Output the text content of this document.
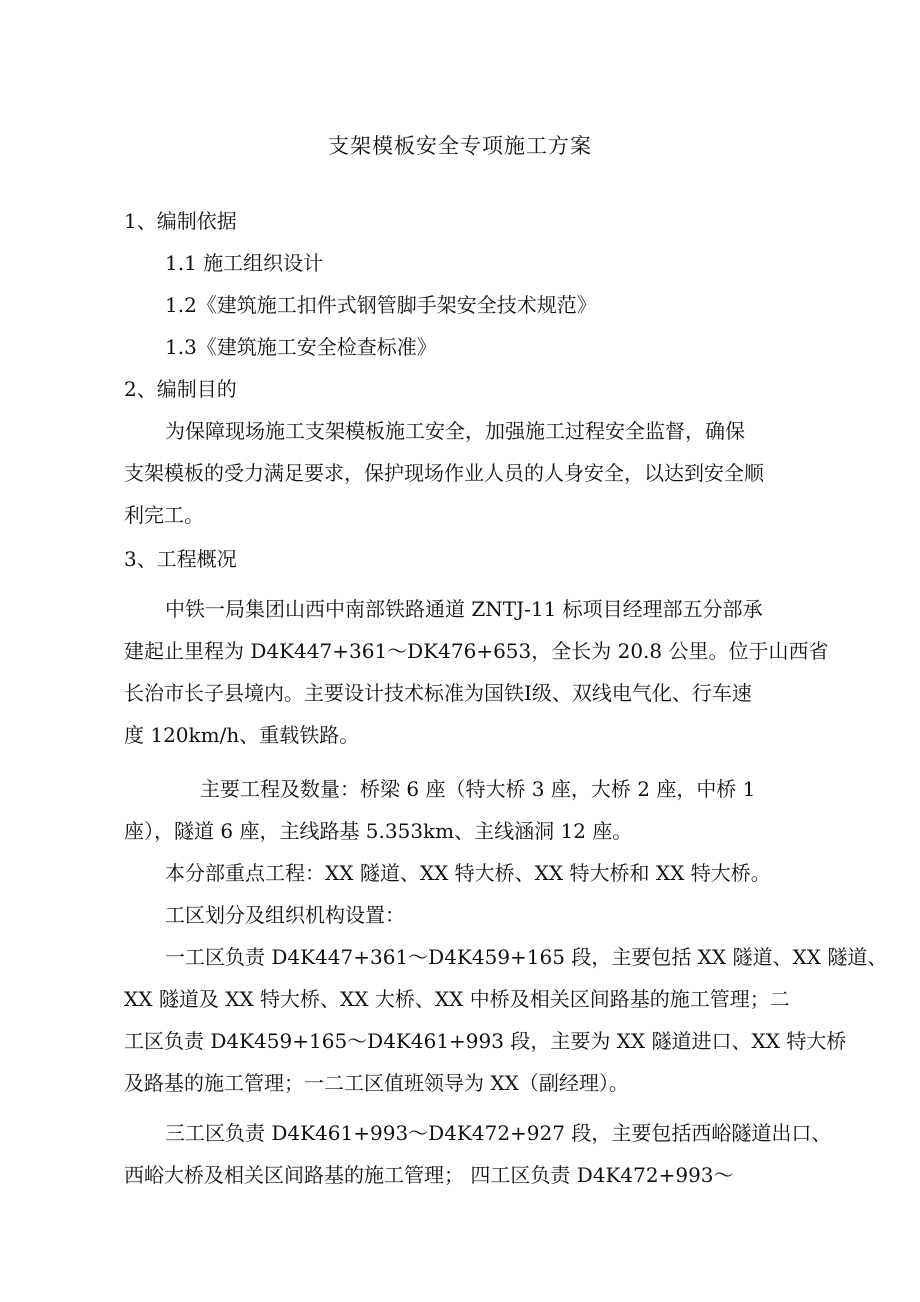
支架模板安全专项施工方案
1、编制依据
1.1 施工组织设计
1.2《建筑施工扣件式钢管脚手架安全技术规范》
1.3《建筑施工安全检查标准》
2、编制目的
为保障现场施工支架模板施工安全，加强施工过程安全监督，确保
支架模板的受力满足要求，保护现场作业人员的人身安全，以达到安全顺
利完工。
3、工程概况
中铁一局集团山西中南部铁路通道 ZNTJ-11 标项目经理部五分部承
建起止里程为 D4K447+361～DK476+653，全长为 20.8 公里。位于山西省
长治市长子县境内。主要设计技术标准为国铁Ⅰ级、双线电气化、行车速
度 120km/h、重载铁路。
主要工程及数量：桥梁 6 座（特大桥 3 座，大桥 2 座，中桥 1
座），隧道 6 座，主线路基 5.353km、主线涵洞 12 座。
本分部重点工程：XX 隧道、XX 特大桥、XX 特大桥和 XX 特大桥。
工区划分及组织机构设置：
一工区负责 D4K447+361～D4K459+165 段，主要包括 XX 隧道、XX 隧道、
XX 隧道及 XX 特大桥、XX 大桥、XX 中桥及相关区间路基的施工管理；二
工区负责 D4K459+165～D4K461+993 段，主要为 XX 隧道进口、XX 特大桥
及路基的施工管理；一二工区值班领导为 XX（副经理）。
三工区负责 D4K461+993～D4K472+927 段，主要包括西峪隧道出口、
西峪大桥及相关区间路基的施工管理； 四工区负责 D4K472+993～
